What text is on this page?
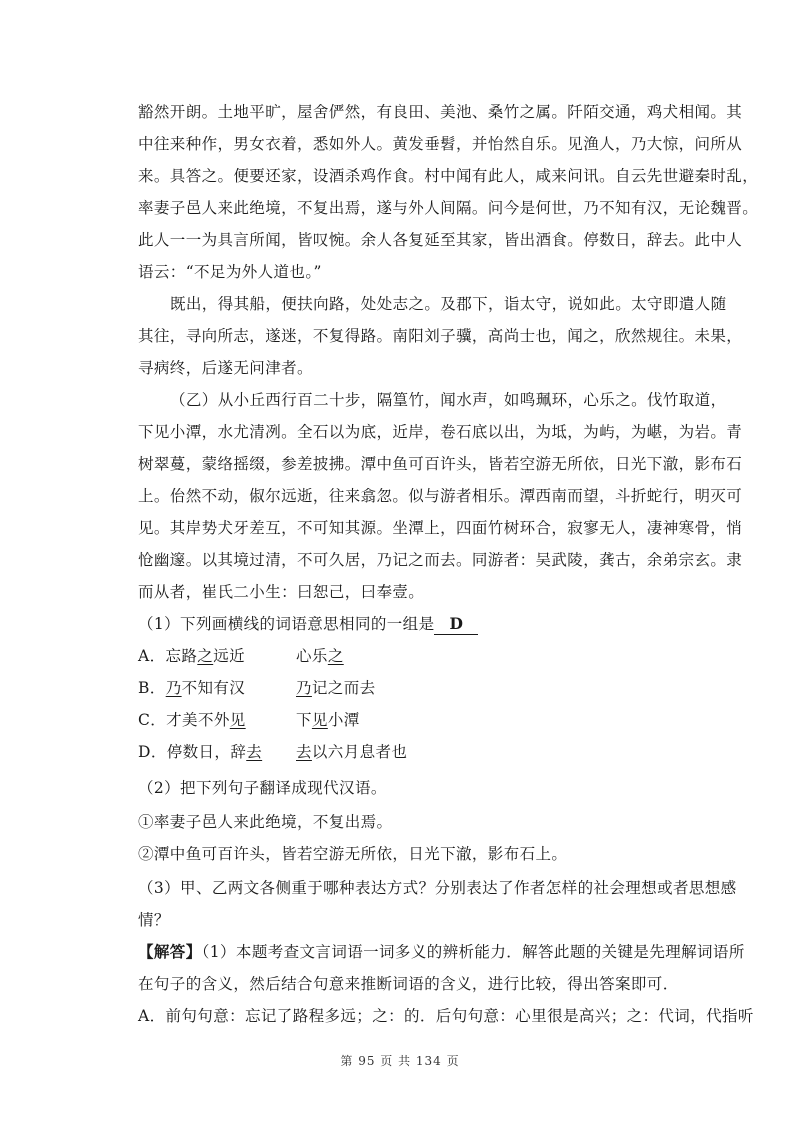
豁然开朗。土地平旷，屋舍俨然，有良田、美池、桑竹之属。阡陌交通，鸡犬相闻。其
中往来种作，男女衣着，悉如外人。黄发垂髫，并怡然自乐。见渔人，乃大惊，问所从
来。具答之。便要还家，设酒杀鸡作食。村中闻有此人，咸来问讯。自云先世避秦时乱，
率妻子邑人来此绝境，不复出焉，遂与外人间隔。问今是何世，乃不知有汉，无论魏晋。
此人一一为具言所闻，皆叹惋。余人各复延至其家，皆出酒食。停数日，辞去。此中人
语云：“不足为外人道也。”
既出，得其船，便扶向路，处处志之。及郡下，诣太守，说如此。太守即遣人随
其往，寻向所志，遂迷，不复得路。南阳刘子骥，高尚士也，闻之，欣然规往。未果，
寻病终，后遂无问津者。
（乙）从小丘西行百二十步，隔篁竹，闻水声，如鸣珮环，心乐之。伐竹取道，
下见小潭，水尤清冽。全石以为底，近岸，卷石底以出，为坻，为屿，为嵁，为岩。青
树翠蔓，蒙络摇缀，参差披拂。潭中鱼可百许头，皆若空游无所依，日光下澈，影布石
上。佁然不动，俶尔远逝，往来翕忽。似与游者相乐。潭西南而望，斗折蛇行，明灭可
见。其岸势犬牙差互，不可知其源。坐潭上，四面竹树环合，寂寥无人，凄神寒骨，悄
怆幽邃。以其境过清，不可久居，乃记之而去。同游者：吴武陵，龚古，余弟宗玄。隶
而从者，崔氏二小生：曰恕己，曰奉壹。
（1）下列画横线的词语意思相同的一组是 D
A．忘路之远近	心乐之
B．乃不知有汉	乃记之而去
C．才美不外见	下见小潭
D．停数日，辞去 去以六月息者也
（2）把下列句子翻译成现代汉语。
①率妻子邑人来此绝境，不复出焉。
②潭中鱼可百许头，皆若空游无所依，日光下澈，影布石上。
（3）甲、乙两文各侧重于哪种表达方式？分别表达了作者怎样的社会理想或者思想感
情？
【解答】（1）本题考查文言词语一词多义的辨析能力．解答此题的关键是先理解词语所
在句子的含义，然后结合句意来推断词语的含义，进行比较，得出答案即可．
A．前句句意：忘记了路程多远；之：的．后句句意：心里很是高兴；之：代词，代指听
第 95 页 共 134 页
